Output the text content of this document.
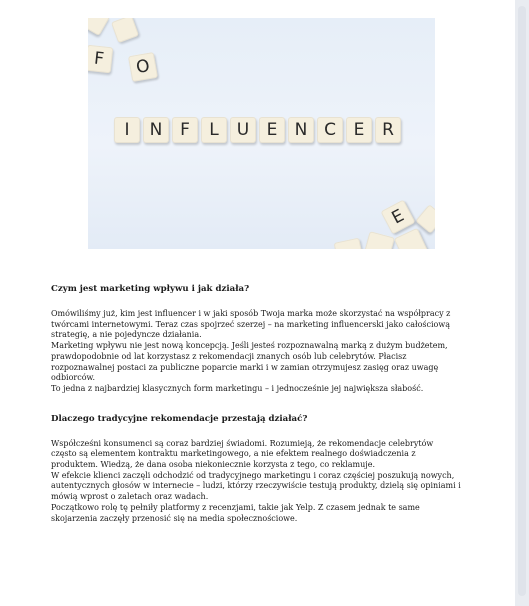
F O
I N F L U E N C E R
E
Czym jest marketing wpływu i jak działa?

Omówiliśmy już, kim jest influencer i w jaki sposób Twoja marka może skorzystać na współpracy z twórcami internetowymi. Teraz czas spojrzeć szerzej – na marketing influencerski jako całościową strategię, a nie pojedyncze działania.

Marketing wpływu nie jest nową koncepcją. Jeśli jesteś rozpoznawalną marką z dużym budżetem, prawdopodobnie od lat korzystasz z rekomendacji znanych osób lub celebrytów. Płacisz rozpoznawalnej postaci za publiczne poparcie marki i w zamian otrzymujesz zasięg oraz uwagę odbiorców.

To jedna z najbardziej klasycznych form marketingu – i jednocześnie jej największa słabość.

Dlaczego tradycyjne rekomendacje przestają działać?

Współcześni konsumenci są coraz bardziej świadomi. Rozumieją, że rekomendacje celebrytów często są elementem kontraktu marketingowego, a nie efektem realnego doświadczenia z produktem. Wiedzą, że dana osoba niekoniecznie korzysta z tego, co reklamuje.

W efekcie klienci zaczęli odchodzić od tradycyjnego marketingu i coraz częściej poszukują nowych, autentycznych głosów w internecie – ludzi, którzy rzeczywiście testują produkty, dzielą się opiniami i mówią wprost o zaletach oraz wadach.

Początkowo rolę tę pełniły platformy z recenzjami, takie jak Yelp. Z czasem jednak te same skojarzenia zaczęły przenosić się na media społecznościowe.
